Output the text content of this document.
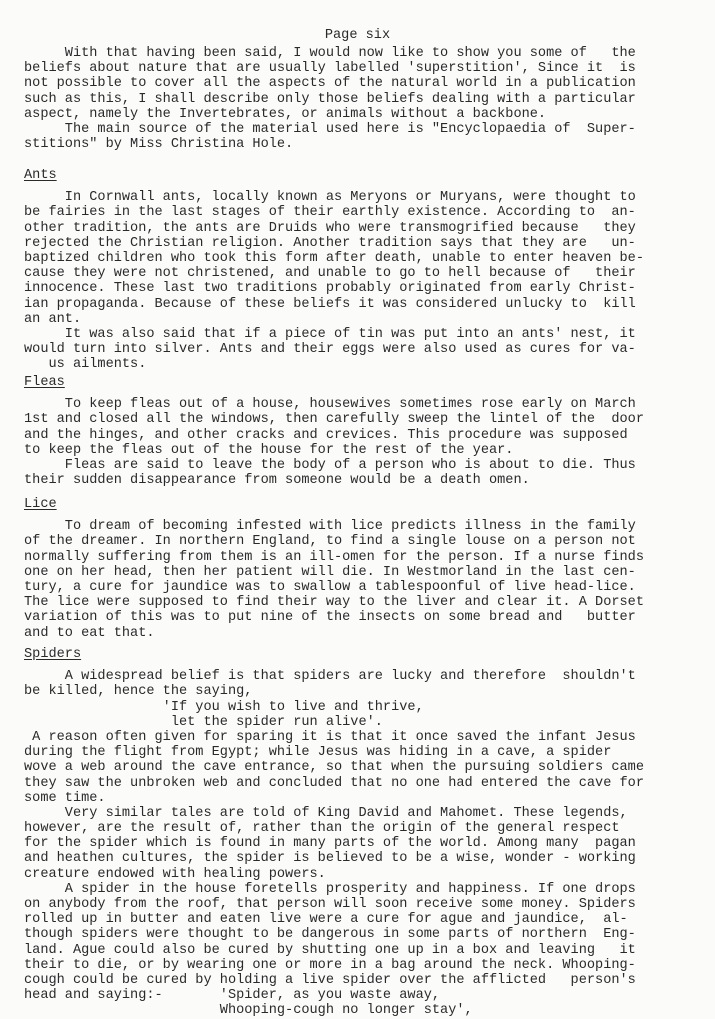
Page six
With that having been said, I would now like to show you some of   the
beliefs about nature that are usually labelled 'superstition', Since it  is
not possible to cover all the aspects of the natural world in a publication
such as this, I shall describe only those beliefs dealing with a particular
aspect, namely the Invertebrates, or animals without a backbone.
The main source of the material used here is "Encyclopaedia of  Super-
stitions" by Miss Christina Hole.
Ants
In Cornwall ants, locally known as Meryons or Muryans, were thought to
be fairies in the last stages of their earthly existence. According to  an-
other tradition, the ants are Druids who were transmogrified because   they
rejected the Christian religion. Another tradition says that they are   un-
baptized children who took this form after death, unable to enter heaven be-
cause they were not christened, and unable to go to hell because of   their
innocence. These last two traditions probably originated from early Christ-
ian propaganda. Because of these beliefs it was considered unlucky to  kill
an ant.
It was also said that if a piece of tin was put into an ants' nest, it
would turn into silver. Ants and their eggs were also used as cures for va-
us ailments.
Fleas
To keep fleas out of a house, housewives sometimes rose early on March
1st and closed all the windows, then carefully sweep the lintel of the  door
and the hinges, and other cracks and crevices. This procedure was supposed
to keep the fleas out of the house for the rest of the year.
Fleas are said to leave the body of a person who is about to die. Thus
their sudden disappearance from someone would be a death omen.
Lice
To dream of becoming infested with lice predicts illness in the family
of the dreamer. In northern England, to find a single louse on a person not
normally suffering from them is an ill-omen for the person. If a nurse finds
one on her head, then her patient will die. In Westmorland in the last cen-
tury, a cure for jaundice was to swallow a tablespoonful of live head-lice.
The lice were supposed to find their way to the liver and clear it. A Dorset
variation of this was to put nine of the insects on some bread and   butter
and to eat that.
Spiders
A widespread belief is that spiders are lucky and therefore  shouldn't
be killed, hence the saying,
'If you wish to live and thrive,
let the spider run alive'.
A reason often given for sparing it is that it once saved the infant Jesus
during the flight from Egypt; while Jesus was hiding in a cave, a spider
wove a web around the cave entrance, so that when the pursuing soldiers came
they saw the unbroken web and concluded that no one had entered the cave for
some time.
Very similar tales are told of King David and Mahomet. These legends,
however, are the result of, rather than the origin of the general respect
for the spider which is found in many parts of the world. Among many  pagan
and heathen cultures, the spider is believed to be a wise, wonder - working
creature endowed with healing powers.
A spider in the house foretells prosperity and happiness. If one drops
on anybody from the roof, that person will soon receive some money. Spiders
rolled up in butter and eaten live were a cure for ague and jaundice,  al-
though spiders were thought to be dangerous in some parts of northern  Eng-
land. Ague could also be cured by shutting one up in a box and leaving   it
their to die, or by wearing one or more in a bag around the neck. Whooping-
cough could be cured by holding a live spider over the afflicted   person's
head and saying:-       'Spider, as you waste away,
Whooping-cough no longer stay',
